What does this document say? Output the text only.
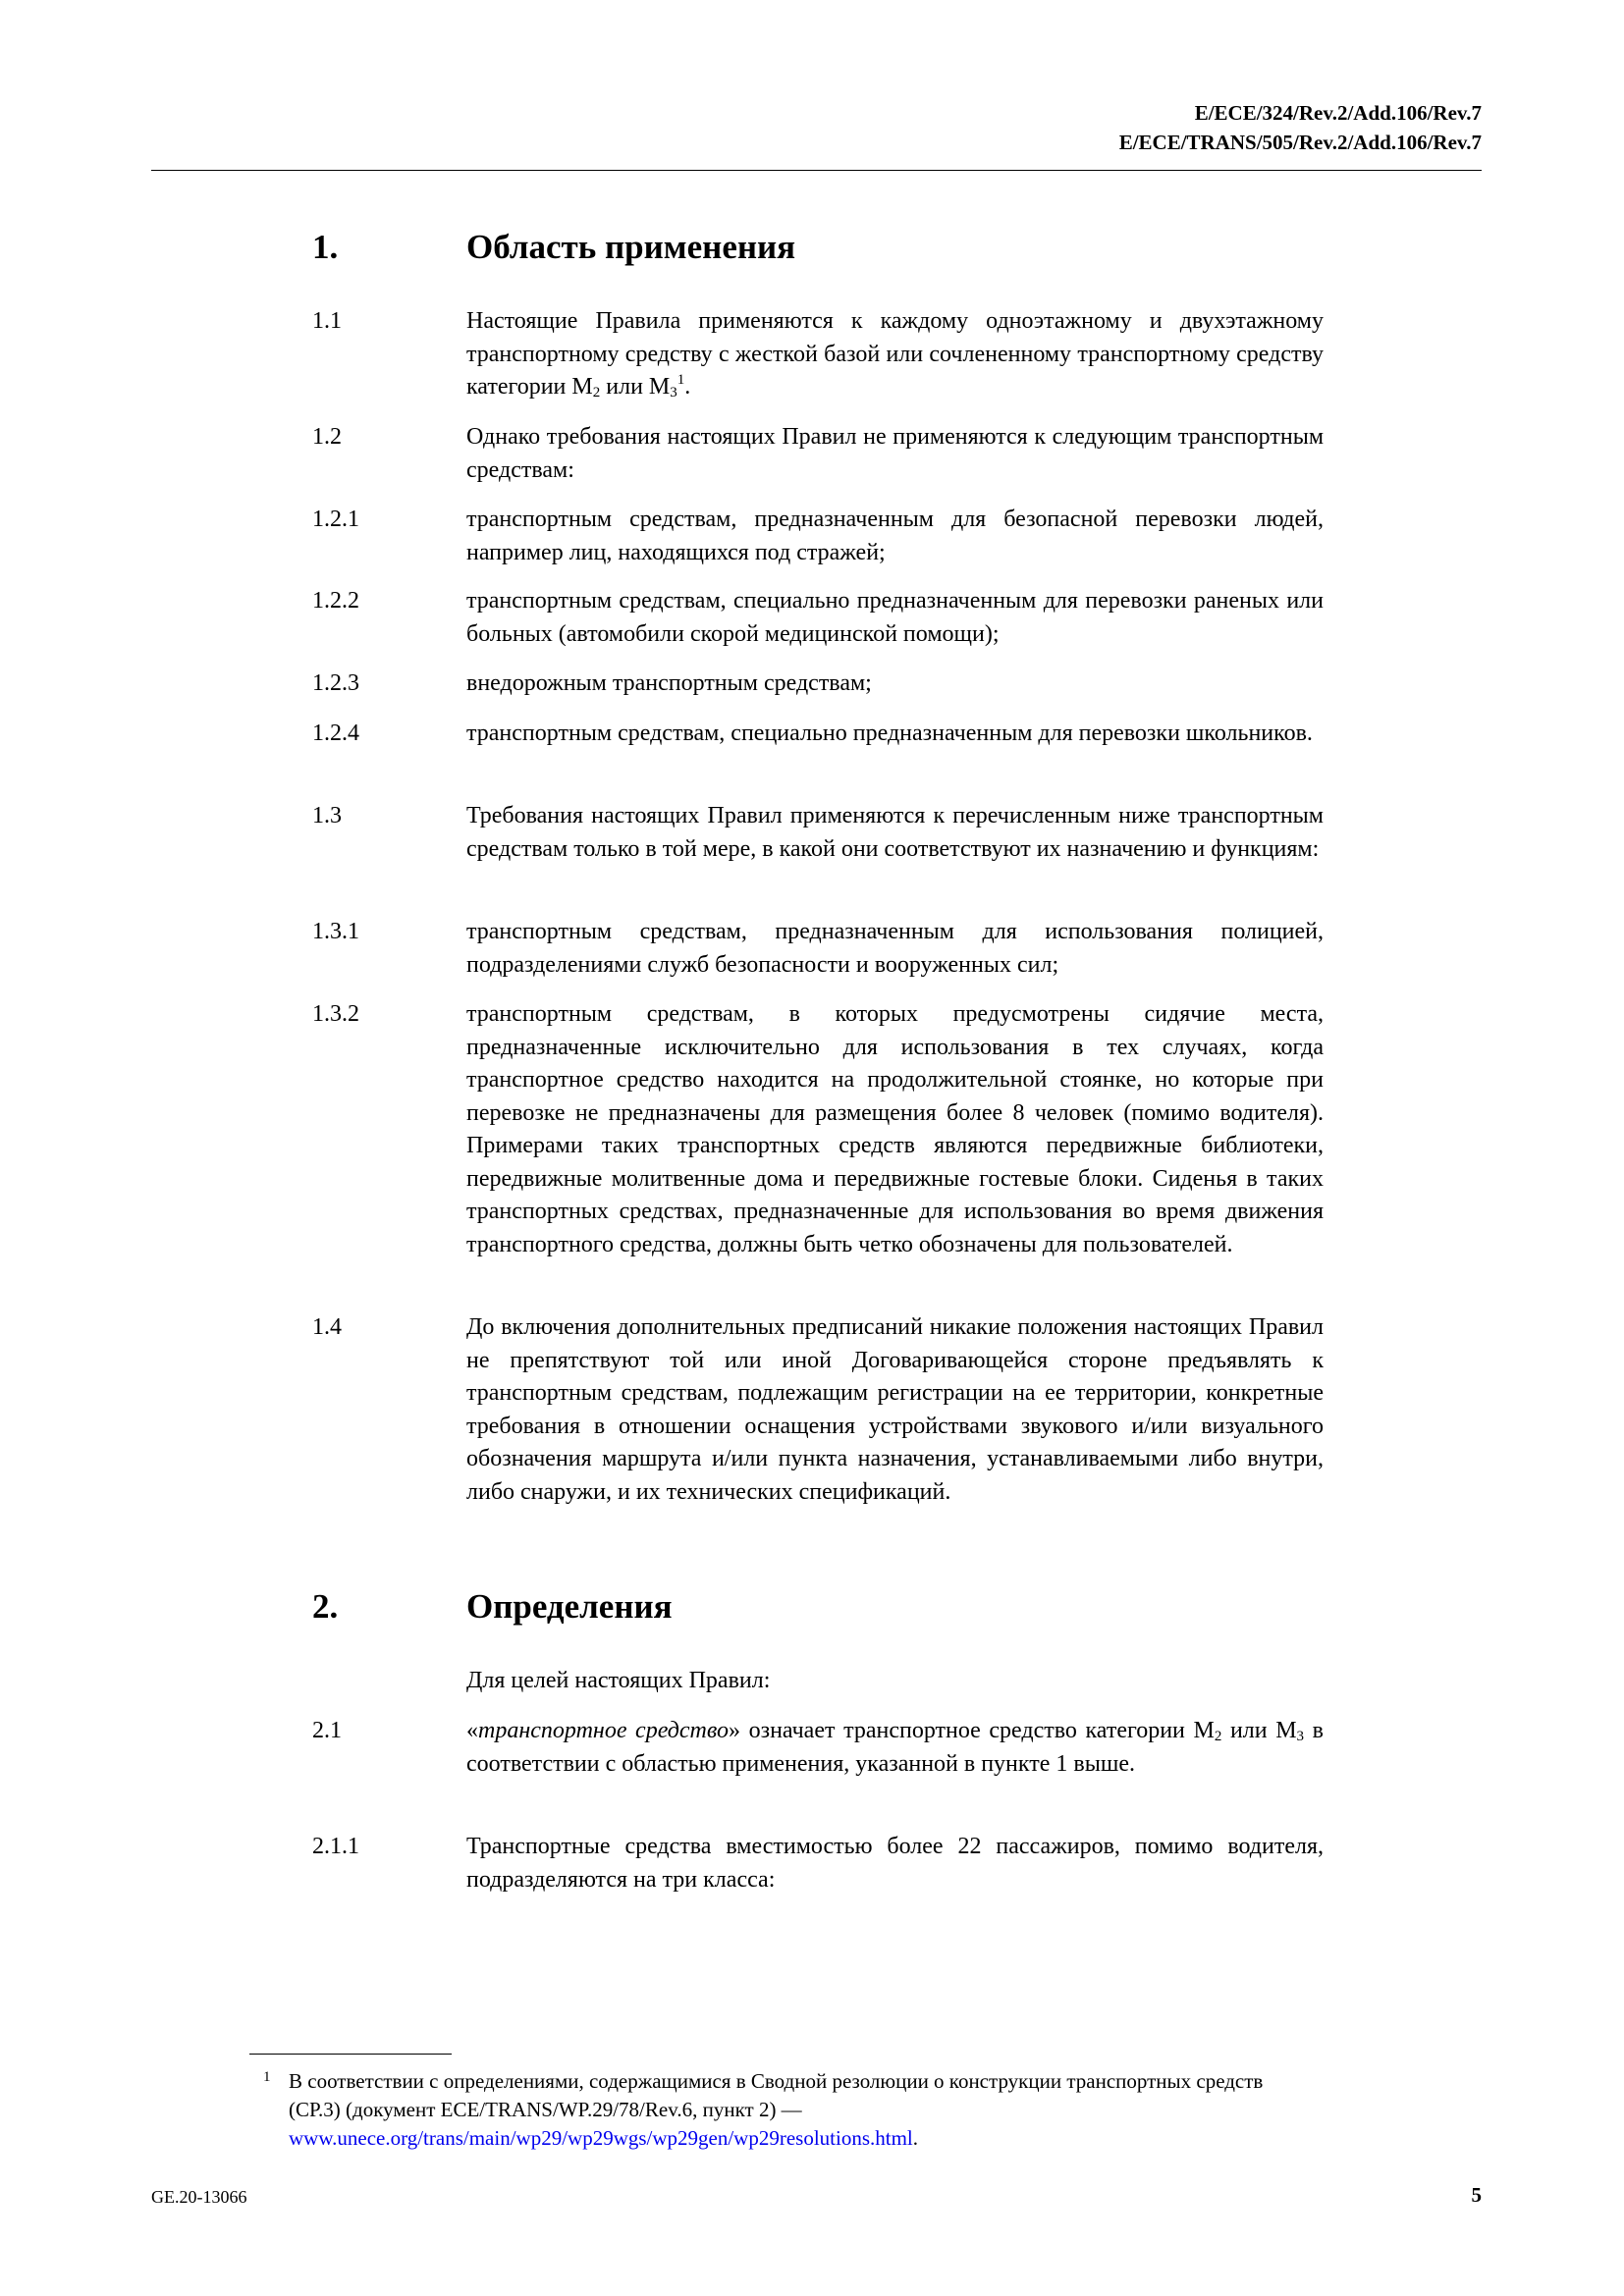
E/ECE/324/Rev.2/Add.106/Rev.7
E/ECE/TRANS/505/Rev.2/Add.106/Rev.7
1.	Область применения
1.1	Настоящие Правила применяются к каждому одноэтажному и двухэтажному транспортному средству с жесткой базой или сочлененному транспортному средству категории $M_2$ или $M_3^1$.
1.2	Однако требования настоящих Правил не применяются к следующим транспортным средствам:
1.2.1	транспортным средствам, предназначенным для безопасной перевозки людей, например лиц, находящихся под стражей;
1.2.2	транспортным средствам, специально предназначенным для перевозки раненых или больных (автомобили скорой медицинской помощи);
1.2.3	внедорожным транспортным средствам;
1.2.4	транспортным средствам, специально предназначенным для перевозки школьников.
1.3	Требования настоящих Правил применяются к перечисленным ниже транспортным средствам только в той мере, в какой они соответствуют их назначению и функциям:
1.3.1	транспортным средствам, предназначенным для использования полицией, подразделениями служб безопасности и вооруженных сил;
1.3.2	транспортным средствам, в которых предусмотрены сидячие места, предназначенные исключительно для использования в тех случаях, когда транспортное средство находится на продолжительной стоянке, но которые при перевозке не предназначены для размещения более 8 человек (помимо водителя). Примерами таких транспортных средств являются передвижные библиотеки, передвижные молитвенные дома и передвижные гостевые блоки. Сиденья в таких транспортных средствах, предназначенные для использования во время движения транспортного средства, должны быть четко обозначены для пользователей.
1.4	До включения дополнительных предписаний никакие положения настоящих Правил не препятствуют той или иной Договаривающейся стороне предъявлять к транспортным средствам, подлежащим регистрации на ее территории, конкретные требования в отношении оснащения устройствами звукового и/или визуального обозначения маршрута и/или пункта назначения, устанавливаемыми либо внутри, либо снаружи, и их технических спецификаций.
2.	Определения
Для целей настоящих Правил:
2.1	«транспортное средство» означает транспортное средство категории $M_2$ или $M_3$ в соответствии с областью применения, указанной в пункте 1 выше.
2.1.1	Транспортные средства вместимостью более 22 пассажиров, помимо водителя, подразделяются на три класса:
1 В соответствии с определениями, содержащимися в Сводной резолюции о конструкции транспортных средств (СР.3) (документ ECE/TRANS/WP.29/78/Rev.6, пункт 2) — www.unece.org/trans/main/wp29/wp29wgs/wp29gen/wp29resolutions.html.
GE.20-13066	5
